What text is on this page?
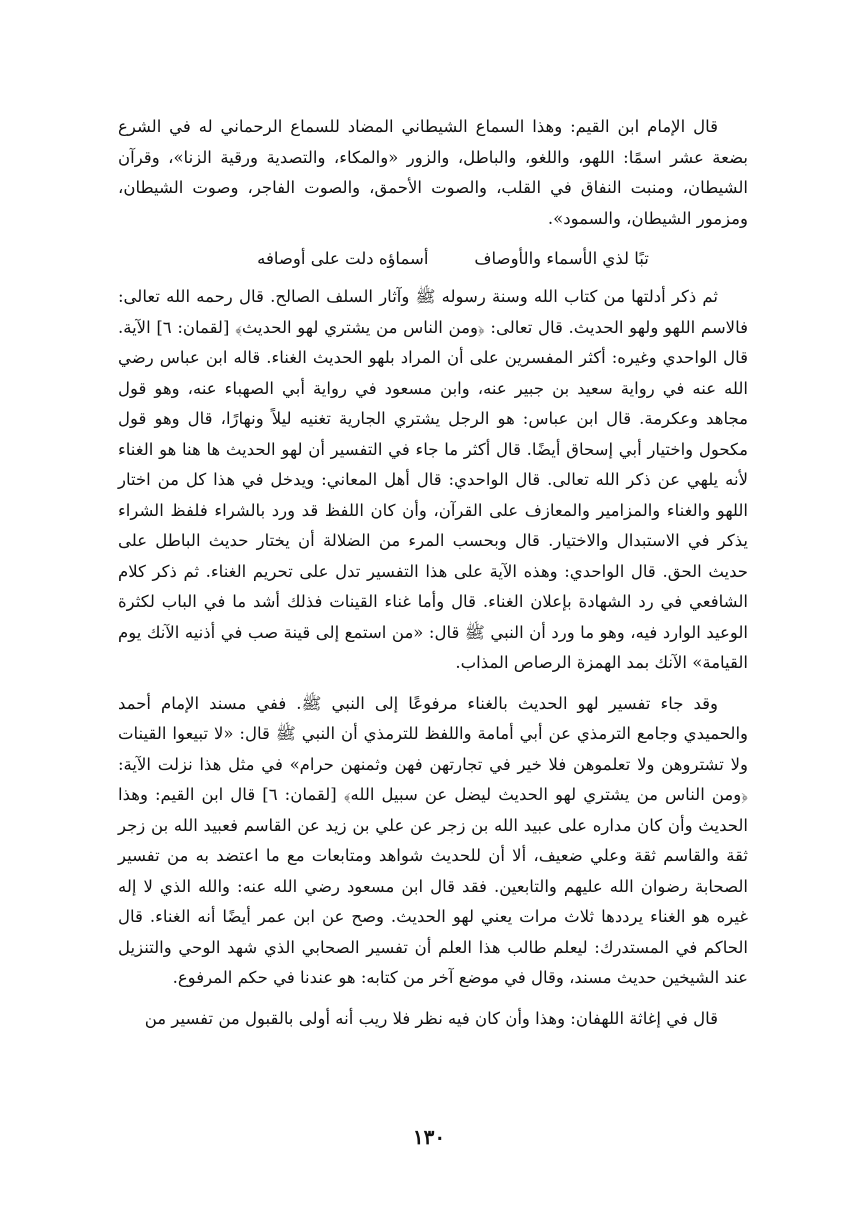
قال الإمام ابن القيم: وهذا السماع الشيطاني المضاد للسماع الرحماني له في الشرع بضعة عشر اسمًا: اللهو، واللغو، والباطل، والزور «والمكاء، والتصدية ورقية الزنا»، وقرآن الشيطان، ومنبت النفاق في القلب، والصوت الأحمق، والصوت الفاجر، وصوت الشيطان، ومزمور الشيطان، والسمود».

تبًا لذي الأسماء والأوصاف
أسماؤه دلت على أوصافه

ثم ذكر أدلتها من كتاب الله وسنة رسوله ﷺ وآثار السلف الصالح. قال رحمه الله تعالى: فالاسم اللهو ولهو الحديث. قال تعالى: ﴿ومن الناس من يشتري لهو الحديث﴾ [لقمان: ٦] الآية. قال الواحدي وغيره: أكثر المفسرين على أن المراد بلهو الحديث الغناء. قاله ابن عباس رضي الله عنه في رواية سعيد بن جبير عنه، وابن مسعود في رواية أبي الصهباء عنه، وهو قول مجاهد وعكرمة. قال ابن عباس: هو الرجل يشتري الجارية تغنيه ليلاً ونهارًا، قال وهو قول مكحول واختيار أبي إسحاق أيضًا. قال أكثر ما جاء في التفسير أن لهو الحديث ها هنا هو الغناء لأنه يلهي عن ذكر الله تعالى. قال الواحدي: قال أهل المعاني: ويدخل في هذا كل من اختار اللهو والغناء والمزامير والمعازف على القرآن، وأن كان اللفظ قد ورد بالشراء فلفظ الشراء يذكر في الاستبدال والاختيار. قال وبحسب المرء من الضلالة أن يختار حديث الباطل على حديث الحق. قال الواحدي: وهذه الآية على هذا التفسير تدل على تحريم الغناء. ثم ذكر كلام الشافعي في رد الشهادة بإعلان الغناء. قال وأما غناء القينات فذلك أشد ما في الباب لكثرة الوعيد الوارد فيه، وهو ما ورد أن النبي ﷺ قال: «من استمع إلى قينة صب في أذنيه الآنك يوم القيامة» الآنك بمد الهمزة الرصاص المذاب.

وقد جاء تفسير لهو الحديث بالغناء مرفوعًا إلى النبي ﷺ. ففي مسند الإمام أحمد والحميدي وجامع الترمذي عن أبي أمامة واللفظ للترمذي أن النبي ﷺ قال: «لا تبيعوا القينات ولا تشتروهن ولا تعلموهن فلا خير في تجارتهن فهن وثمنهن حرام» في مثل هذا نزلت الآية: ﴿ومن الناس من يشتري لهو الحديث ليضل عن سبيل الله﴾ [لقمان: ٦] قال ابن القيم: وهذا الحديث وأن كان مداره على عبيد الله بن زجر عن علي بن زيد عن القاسم فعبيد الله بن زجر ثقة والقاسم ثقة وعلي ضعيف، ألا أن للحديث شواهد ومتابعات مع ما اعتضد به من تفسير الصحابة رضوان الله عليهم والتابعين. فقد قال ابن مسعود رضي الله عنه: والله الذي لا إله غيره هو الغناء يرددها ثلاث مرات يعني لهو الحديث. وصح عن ابن عمر أيضًا أنه الغناء. قال الحاكم في المستدرك: ليعلم طالب هذا العلم أن تفسير الصحابي الذي شهد الوحي والتنزيل عند الشيخين حديث مسند، وقال في موضع آخر من كتابه: هو عندنا في حكم المرفوع.

قال في إغاثة اللهفان: وهذا وأن كان فيه نظر فلا ريب أنه أولى بالقبول من تفسير من

١٣٠
